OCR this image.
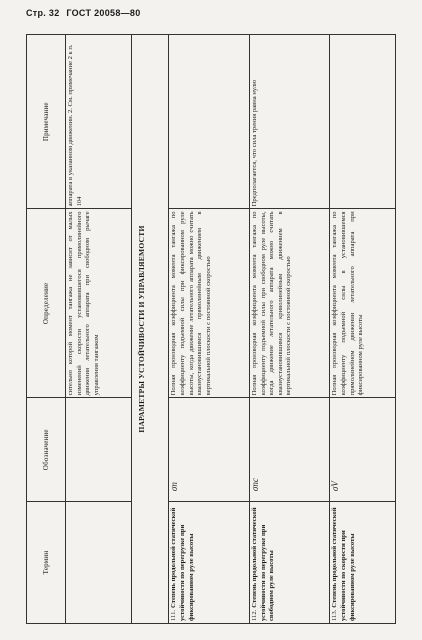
Стр. 32 ГОСТ 20058—80
Термин	Обозначение	Определение	Примечание
		сительно которой момент тангажа не зависит от малых изменений скорости установившегося прямолинейного движения летательного аппарата при свободном рычаге управления тангажом	аппарата в указанном движении. 2. См. примечание 2 к п. 104
ПАРАМЕТРЫ УСТОЙЧИВОСТИ И УПРАВЛЯЕМОСТИ			
111.Степень продольной статической устойчивости по перегрузке при фиксированном руле высоты	σn	Полная производная коэффициента момента тангажа по коэффициенту подъемной силы при фиксированном руле высоты, когда движение летательного аппарата можно считать квазиустановившимся прямолинейным движением в вертикальной плоскости с постоянной скоростью	
112.Степень продольной статической устойчивости по перегрузке при свободном руле высоты	σnc	Полная производная коэффициента момента тангажа по коэффициенту подъемной силы при свободном руле высоты, когда движение летательного аппарата можно считать квазиустановившимся криволинейным движением в вертикальной плоскости с постоянной скоростью	Предполагается, что сила трения равна нулю
113.Степень продольной статической устойчивости по скорости при фиксированном руле высоты	σV	Полная производная коэффициента момента тангажа по коэффициенту подъемной силы в установившемся прямолинейном движении летательного аппарата при фиксированном руле высоты	
